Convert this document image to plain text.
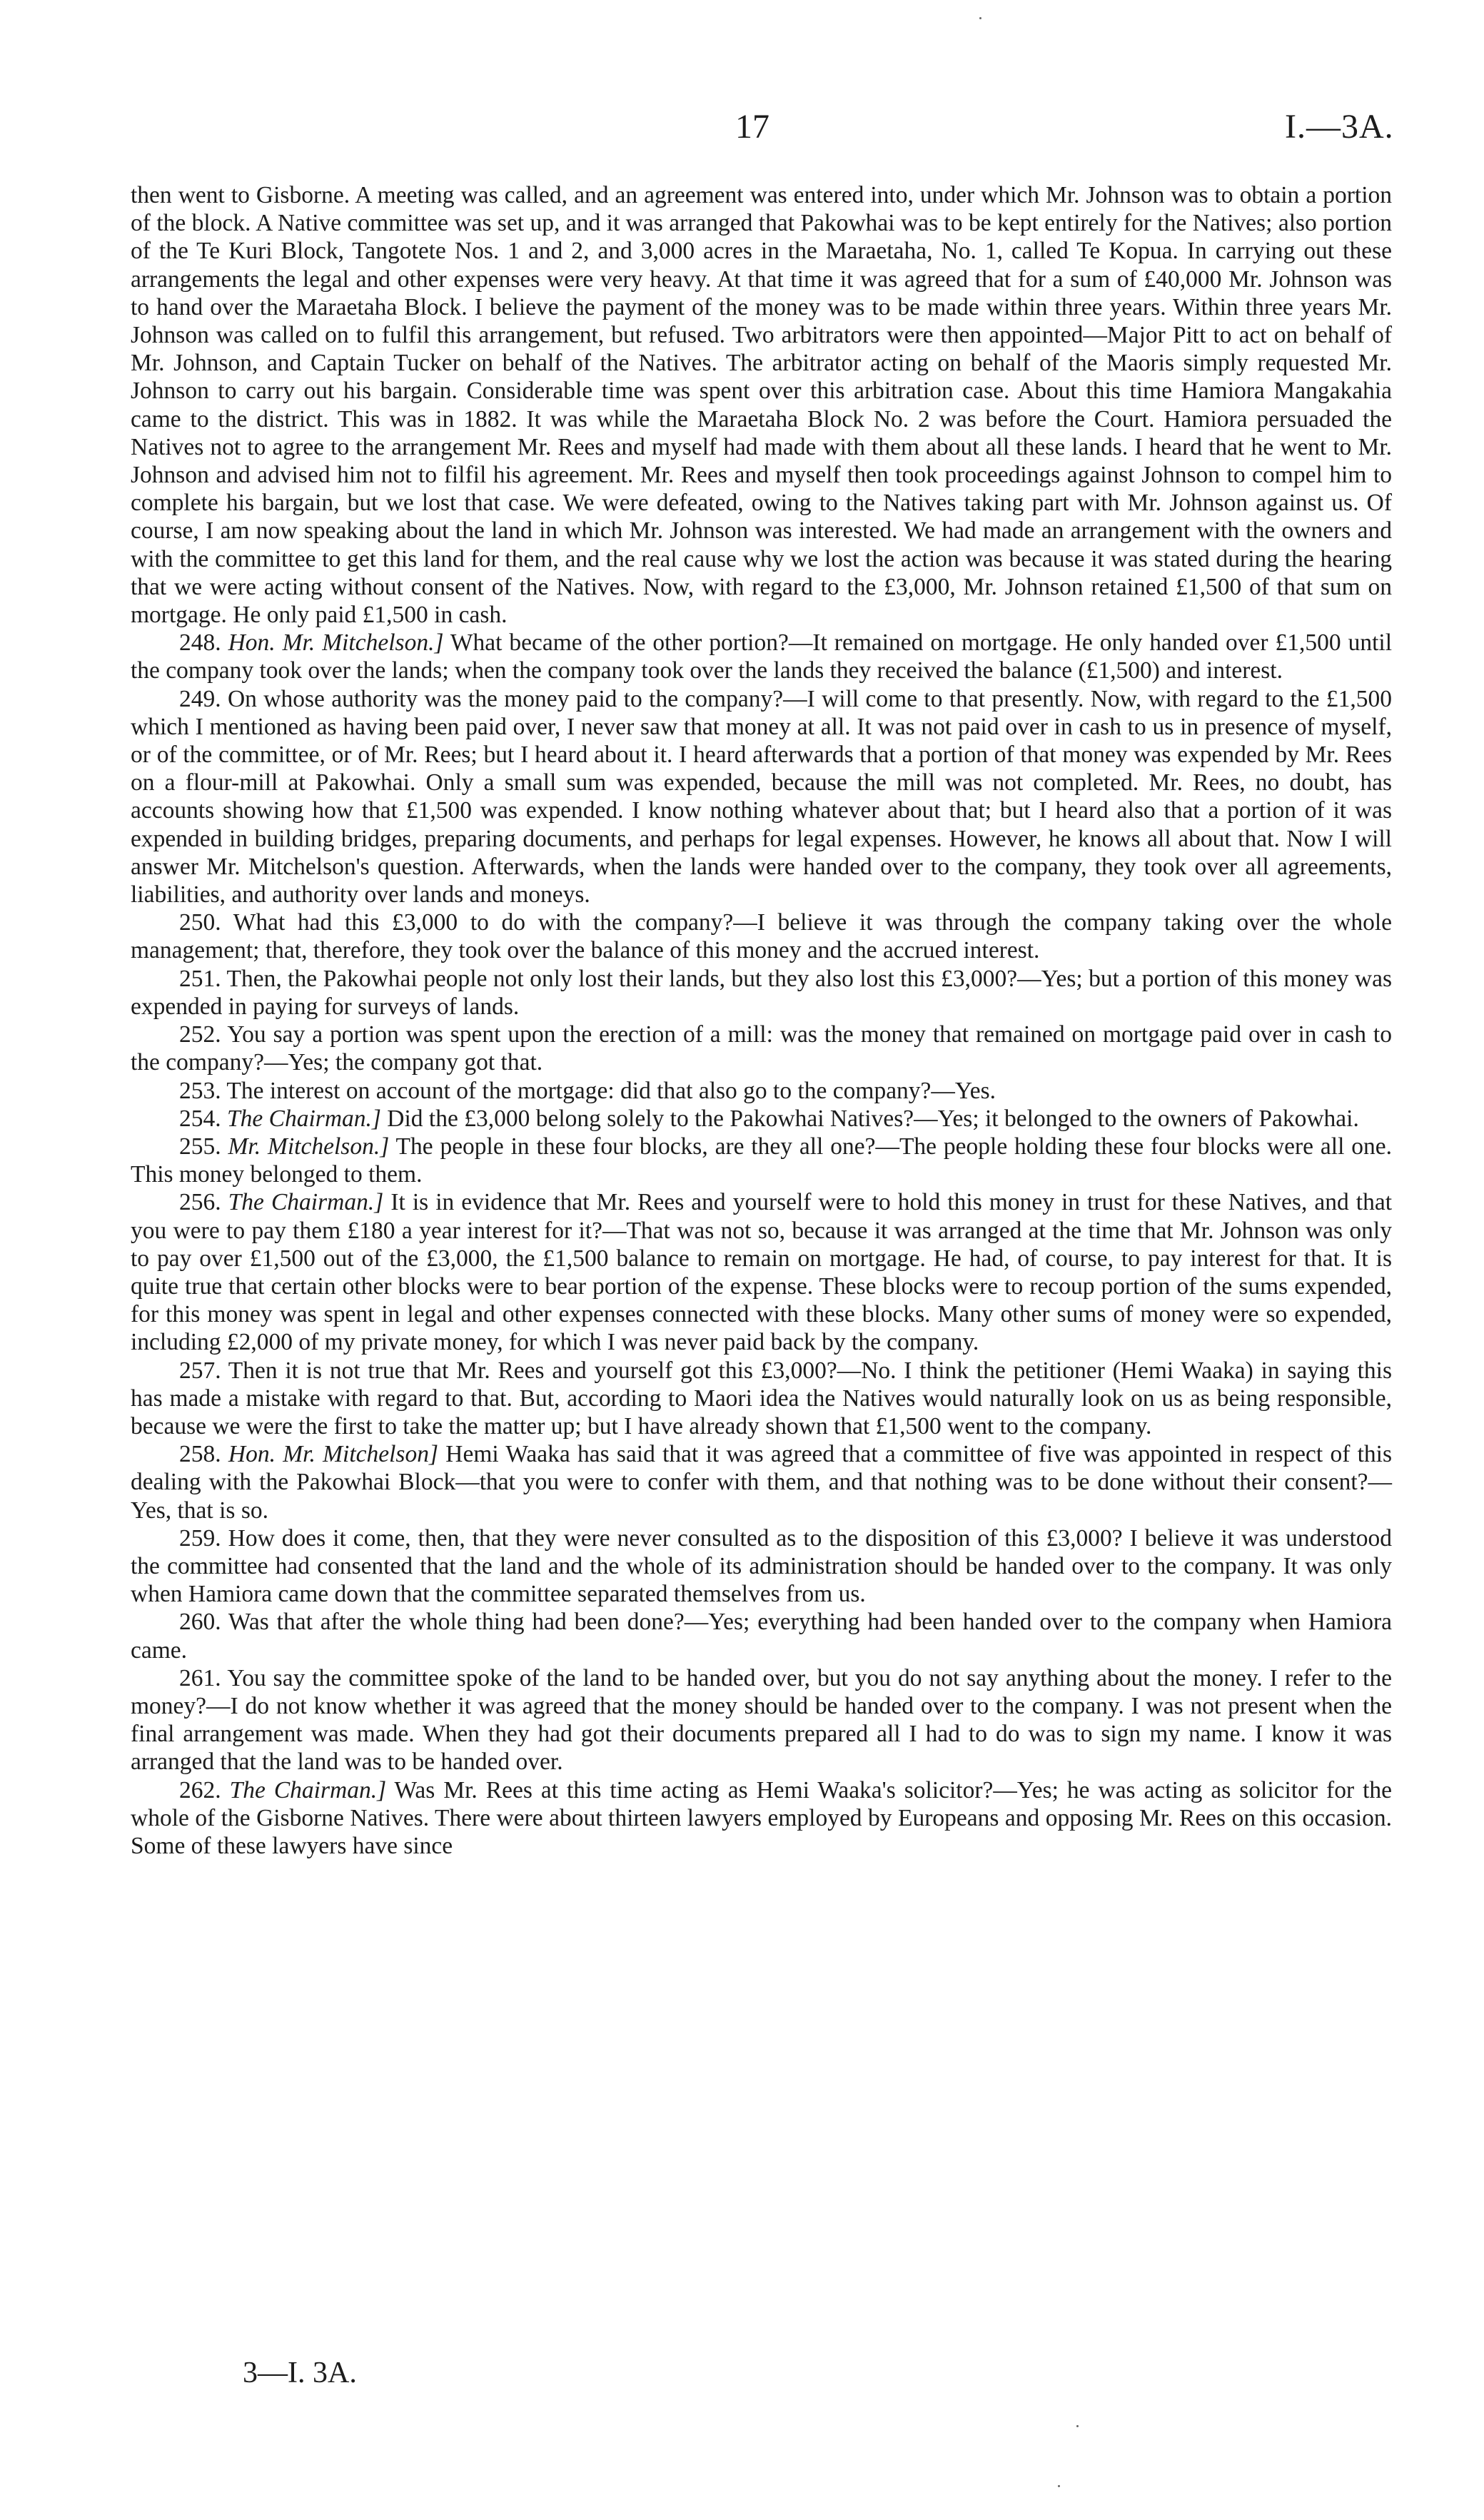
17	I.—3A.

then went to Gisborne. A meeting was called, and an agreement was entered into, under which Mr. Johnson was to obtain a portion of the block. A Native committee was set up, and it was arranged that Pakowhai was to be kept entirely for the Natives; also portion of the Te Kuri Block, Tangotete Nos. 1 and 2, and 3,000 acres in the Maraetaha, No. 1, called Te Kopua. In carrying out these arrangements the legal and other expenses were very heavy. At that time it was agreed that for a sum of £40,000 Mr. Johnson was to hand over the Maraetaha Block. I believe the payment of the money was to be made within three years. Within three years Mr. Johnson was called on to fulfil this arrangement, but refused. Two arbitrators were then appointed—Major Pitt to act on behalf of Mr. Johnson, and Captain Tucker on behalf of the Natives. The arbitrator acting on behalf of the Maoris simply requested Mr. Johnson to carry out his bargain. Considerable time was spent over this arbitration case. About this time Hamiora Mangakahia came to the district. This was in 1882. It was while the Maraetaha Block No. 2 was before the Court. Hamiora persuaded the Natives not to agree to the arrangement Mr. Rees and myself had made with them about all these lands. I heard that he went to Mr. Johnson and advised him not to filfil his agreement. Mr. Rees and myself then took proceedings against Johnson to compel him to complete his bargain, but we lost that case. We were defeated, owing to the Natives taking part with Mr. Johnson against us. Of course, I am now speaking about the land in which Mr. Johnson was interested. We had made an arrangement with the owners and with the committee to get this land for them, and the real cause why we lost the action was because it was stated during the hearing that we were acting without consent of the Natives. Now, with regard to the £3,000, Mr. Johnson retained £1,500 of that sum on mortgage. He only paid £1,500 in cash.

248. Hon. Mr. Mitchelson.] What became of the other portion?—It remained on mortgage. He only handed over £1,500 until the company took over the lands; when the company took over the lands they received the balance (£1,500) and interest.

249. On whose authority was the money paid to the company?—I will come to that presently. Now, with regard to the £1,500 which I mentioned as having been paid over, I never saw that money at all. It was not paid over in cash to us in presence of myself, or of the committee, or of Mr. Rees; but I heard about it. I heard afterwards that a portion of that money was expended by Mr. Rees on a flour-mill at Pakowhai. Only a small sum was expended, because the mill was not completed. Mr. Rees, no doubt, has accounts showing how that £1,500 was expended. I know nothing whatever about that; but I heard also that a portion of it was expended in building bridges, preparing documents, and perhaps for legal expenses. However, he knows all about that. Now I will answer Mr. Mitchelson's question. Afterwards, when the lands were handed over to the company, they took over all agreements, liabilities, and authority over lands and moneys.

250. What had this £3,000 to do with the company?—I believe it was through the company taking over the whole management; that, therefore, they took over the balance of this money and the accrued interest.

251. Then, the Pakowhai people not only lost their lands, but they also lost this £3,000?—Yes; but a portion of this money was expended in paying for surveys of lands.

252. You say a portion was spent upon the erection of a mill: was the money that remained on mortgage paid over in cash to the company?—Yes; the company got that.

253. The interest on account of the mortgage: did that also go to the company?—Yes.

254. The Chairman.] Did the £3,000 belong solely to the Pakowhai Natives?—Yes; it belonged to the owners of Pakowhai.

255. Mr. Mitchelson.] The people in these four blocks, are they all one?—The people holding these four blocks were all one. This money belonged to them.

256. The Chairman.] It is in evidence that Mr. Rees and yourself were to hold this money in trust for these Natives, and that you were to pay them £180 a year interest for it?—That was not so, because it was arranged at the time that Mr. Johnson was only to pay over £1,500 out of the £3,000, the £1,500 balance to remain on mortgage. He had, of course, to pay interest for that. It is quite true that certain other blocks were to bear portion of the expense. These blocks were to recoup portion of the sums expended, for this money was spent in legal and other expenses connected with these blocks. Many other sums of money were so expended, including £2,000 of my private money, for which I was never paid back by the company.

257. Then it is not true that Mr. Rees and yourself got this £3,000?—No. I think the petitioner (Hemi Waaka) in saying this has made a mistake with regard to that. But, according to Maori idea the Natives would naturally look on us as being responsible, because we were the first to take the matter up; but I have already shown that £1,500 went to the company.

258. Hon. Mr. Mitchelson] Hemi Waaka has said that it was agreed that a committee of five was appointed in respect of this dealing with the Pakowhai Block—that you were to confer with them, and that nothing was to be done without their consent?—Yes, that is so.

259. How does it come, then, that they were never consulted as to the disposition of this £3,000? I believe it was understood the committee had consented that the land and the whole of its administration should be handed over to the company. It was only when Hamiora came down that the committee separated themselves from us.

260. Was that after the whole thing had been done?—Yes; everything had been handed over to the company when Hamiora came.

261. You say the committee spoke of the land to be handed over, but you do not say anything about the money. I refer to the money?—I do not know whether it was agreed that the money should be handed over to the company. I was not present when the final arrangement was made. When they had got their documents prepared all I had to do was to sign my name. I know it was arranged that the land was to be handed over.

262. The Chairman.] Was Mr. Rees at this time acting as Hemi Waaka's solicitor?—Yes; he was acting as solicitor for the whole of the Gisborne Natives. There were about thirteen lawyers employed by Europeans and opposing Mr. Rees on this occasion. Some of these lawyers have since

3—I. 3A.
